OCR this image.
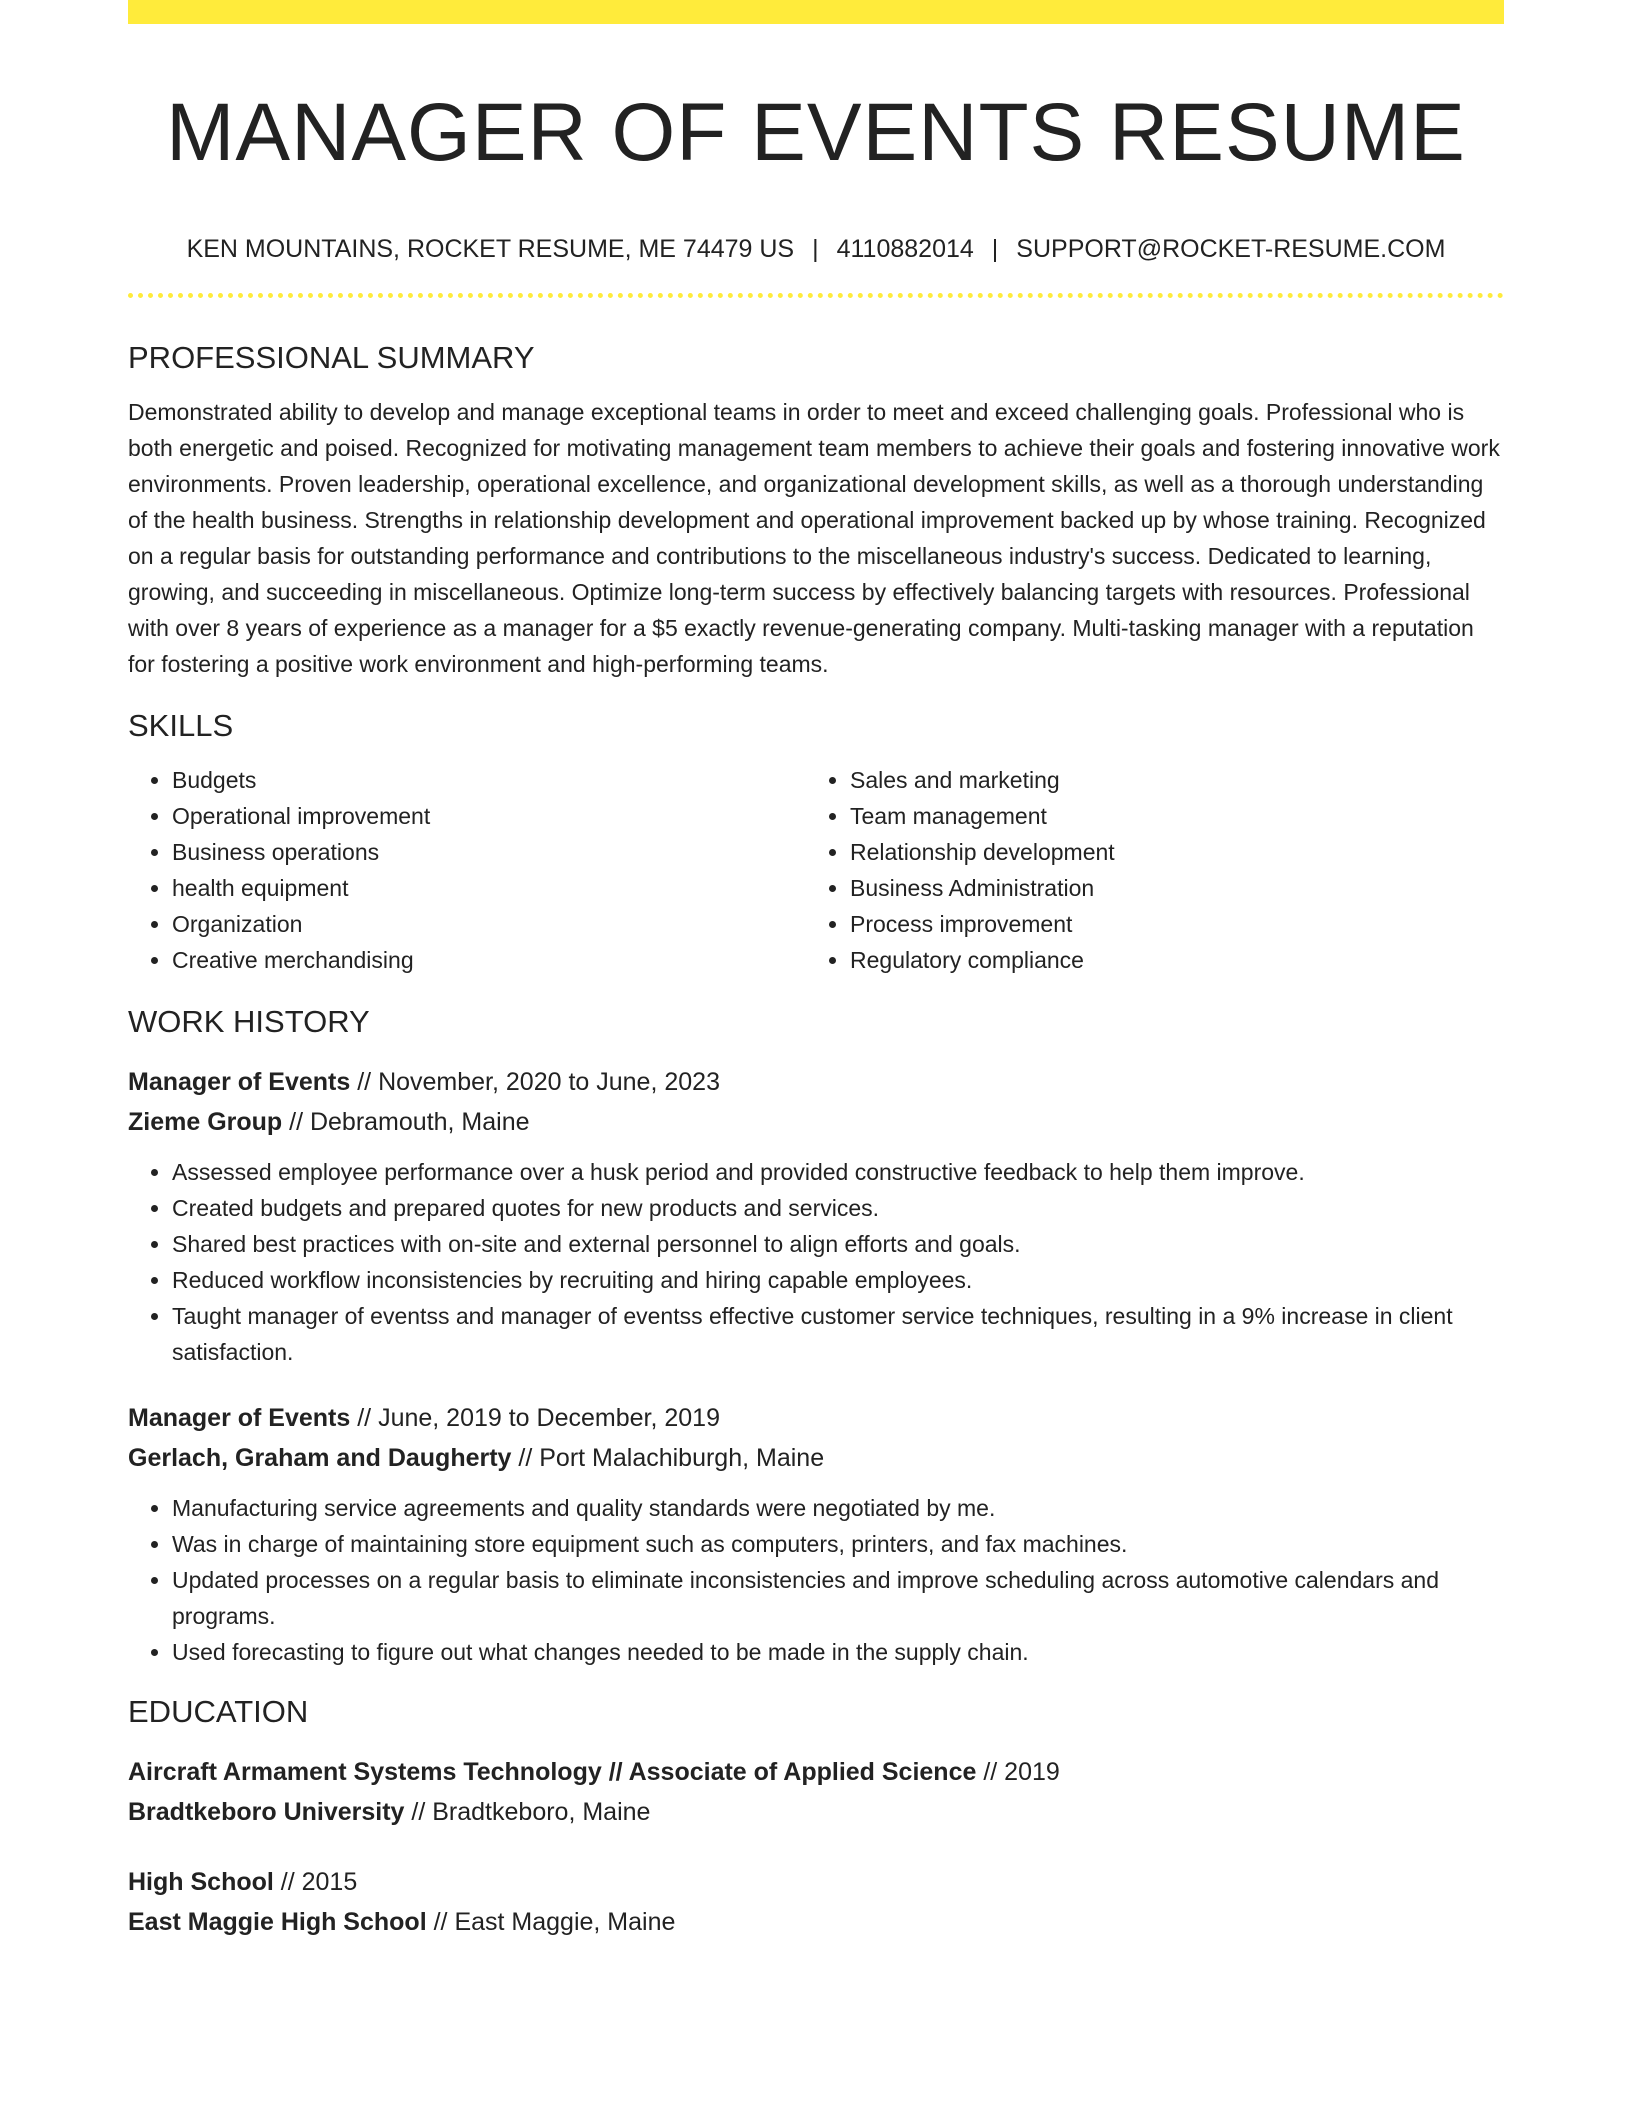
MANAGER OF EVENTS RESUME
KEN MOUNTAINS, ROCKET RESUME, ME 74479 US | 4110882014 | SUPPORT@ROCKET-RESUME.COM
PROFESSIONAL SUMMARY

Demonstrated ability to develop and manage exceptional teams in order to meet and exceed challenging goals. Professional who is both energetic and poised. Recognized for motivating management team members to achieve their goals and fostering innovative work environments. Proven leadership, operational excellence, and organizational development skills, as well as a thorough understanding of the health business. Strengths in relationship development and operational improvement backed up by whose training. Recognized on a regular basis for outstanding performance and contributions to the miscellaneous industry's success. Dedicated to learning, growing, and succeeding in miscellaneous. Optimize long-term success by effectively balancing targets with resources. Professional with over 8 years of experience as a manager for a $5 exactly revenue-generating company. Multi-tasking manager with a reputation for fostering a positive work environment and high-performing teams.

SKILLS
• Budgets
• Operational improvement
• Business operations
• health equipment
• Organization
• Creative merchandising
• Sales and marketing
• Team management
• Relationship development
• Business Administration
• Process improvement
• Regulatory compliance
WORK HISTORY
Manager of Events // November, 2020 to June, 2023
Zieme Group // Debramouth, Maine
• Assessed employee performance over a husk period and provided constructive feedback to help them improve.
• Created budgets and prepared quotes for new products and services.
• Shared best practices with on-site and external personnel to align efforts and goals.
• Reduced workflow inconsistencies by recruiting and hiring capable employees.
• Taught manager of eventss and manager of eventss effective customer service techniques, resulting in a 9% increase in client satisfaction.
Manager of Events // June, 2019 to December, 2019
Gerlach, Graham and Daugherty // Port Malachiburgh, Maine
• Manufacturing service agreements and quality standards were negotiated by me.
• Was in charge of maintaining store equipment such as computers, printers, and fax machines.
• Updated processes on a regular basis to eliminate inconsistencies and improve scheduling across automotive calendars and programs.
• Used forecasting to figure out what changes needed to be made in the supply chain.
EDUCATION
Aircraft Armament Systems Technology // Associate of Applied Science // 2019
Bradtkeboro University // Bradtkeboro, Maine
High School // 2015
East Maggie High School // East Maggie, Maine
